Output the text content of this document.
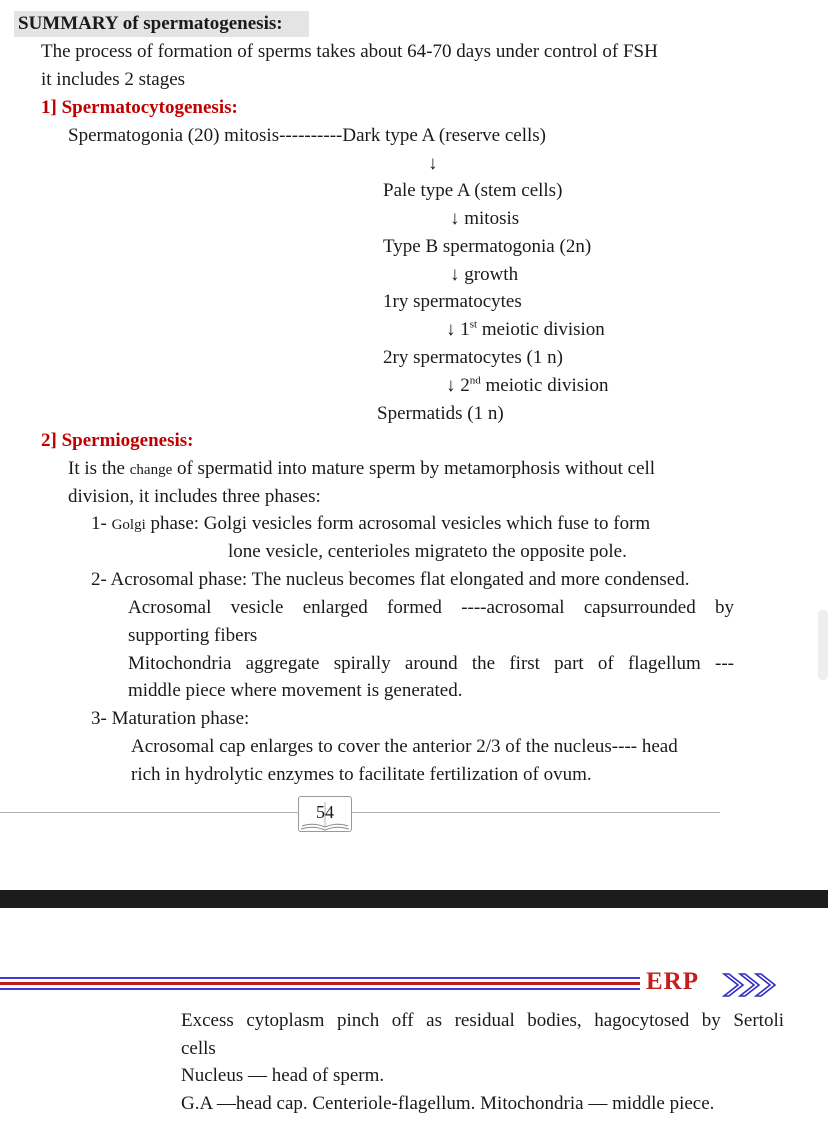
SUMMARY of spermatogenesis:
The process of formation of sperms takes about 64-70 days under control of FSH
it includes 2 stages
1] Spermatocytogenesis:
Spermatogonia (20) mitosis----------Dark type A (reserve cells)
↓
Pale type A (stem cells)
↓ mitosis
Type B spermatogonia (2n)
↓ growth
1ry spermatocytes
↓ 1st meiotic division
2ry spermatocytes (1 n)
↓ 2nd meiotic division
Spermatids (1 n)
2] Spermiogenesis:
It is the change of spermatid into mature sperm by metamorphosis without cell
division, it includes three phases:
1- Golgi phase: Golgi vesicles form acrosomal vesicles which fuse to form
lone vesicle, centerioles migrateto the opposite pole.
2- Acrosomal phase: The nucleus becomes flat elongated and more condensed.
Acrosomal vesicle enlarged formed ----acrosomal capsurrounded by
supporting fibers
Mitochondria aggregate spirally around the first part of flagellum ---
middle piece where movement is generated.
3- Maturation phase:
Acrosomal cap enlarges to cover the anterior 2/3 of the nucleus---- head
rich in hydrolytic enzymes to facilitate fertilization of ovum.
54
ERP
Excess cytoplasm pinch off as residual bodies, hagocytosed by Sertoli
cells
Nucleus — head of sperm.
G.A —head cap. Centeriole-flagellum. Mitochondria — middle piece.
